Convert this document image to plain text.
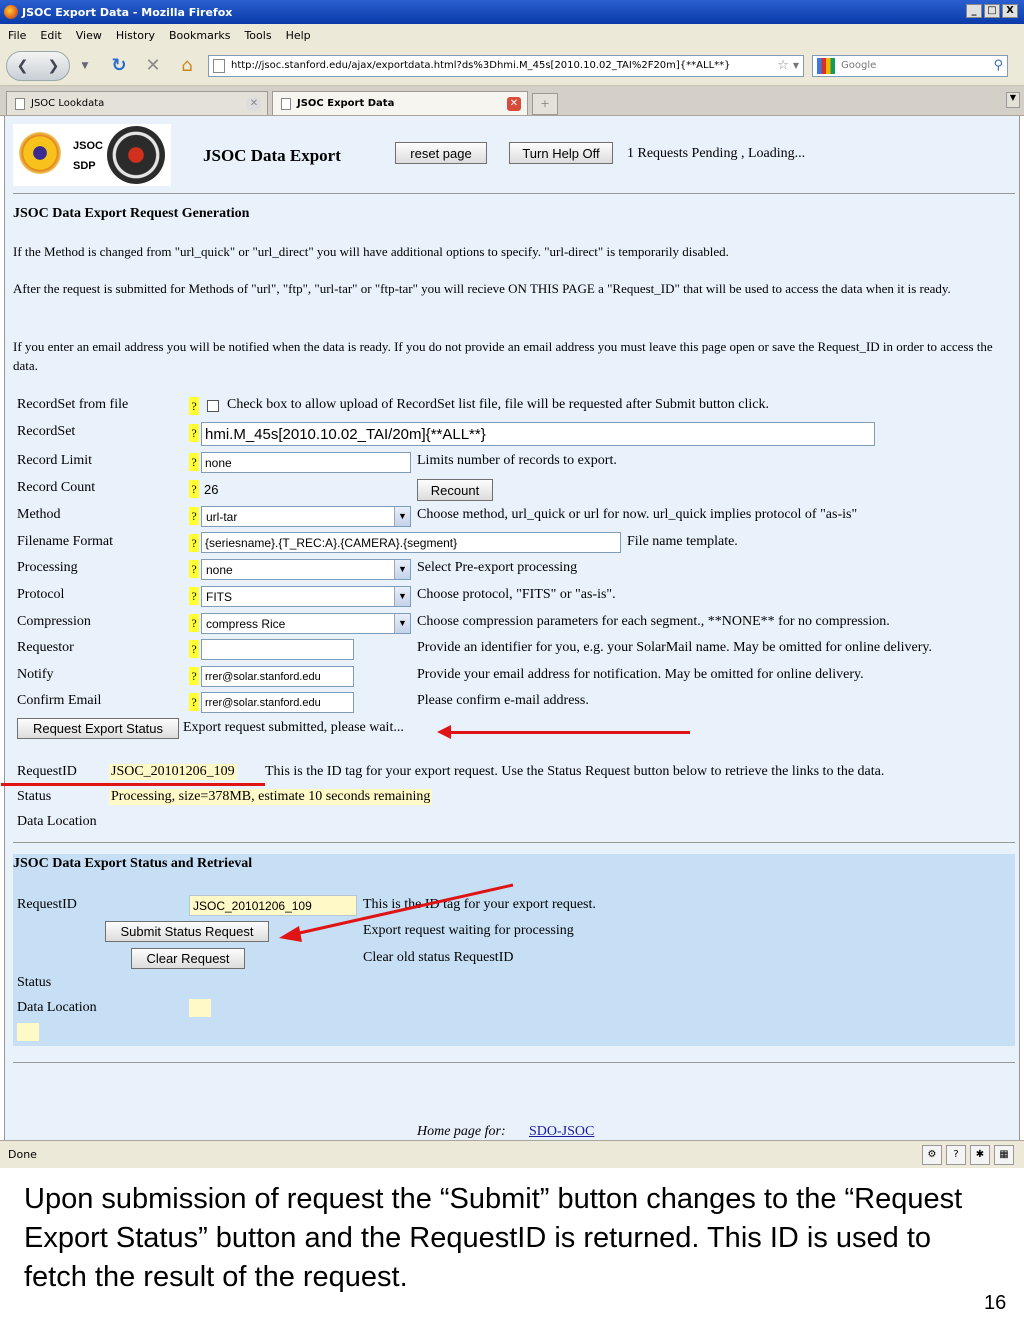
JSOC Export Data - Mozilla Firefox	_	□ X
File Edit View History Bookmarks Tools Help
❮ ❯	▼	↻	✕	⌂	http://jsoc.stanford.edu/ajax/exportdata.html?ds%3Dhmi.M_45s[2010.10.02_TAI%2F20m]{**ALL**}	☆ ▼	Google	⚲
JSOC Lookdata	✕	JSOC Export Data	✕	+	▼
JSOC
SDP
JSOC Data Export	reset page	Turn Help Off	1 Requests Pending , Loading...
JSOC Data Export Request Generation
If the Method is changed from "url_quick" or "url_direct" you will have additional options to specify. "url-direct" is temporarily disabled.
After the request is submitted for Methods of "url", "ftp", "url-tar" or "ftp-tar" you will recieve ON THIS PAGE a "Request_ID" that will be used to access the data when it is ready.
If you enter an email address you will be notified when the data is ready. If you do not provide an email address you must leave this page open or save the Request_ID in order to access the data.
RecordSet from file	? Check box to allow upload of RecordSet list file, file will be requested after Submit button click.
RecordSet	? hmi.M_45s[2010.10.02_TAI/20m]{**ALL**}
Record Limit	? none	Limits number of records to export.
Record Count	? 26	Recount
Method	? url-tar	▼ Choose method, url_quick or url for now. url_quick implies protocol of "as-is"
Filename Format	? {seriesname}.{T_REC:A}.{CAMERA}.{segment}	File name template.
Processing	? none	▼ Select Pre-export processing
Protocol	? FITS	▼ Choose protocol, "FITS" or "as-is".
Compression	? compress Rice	▼ Choose compression parameters for each segment., **NONE** for no compression.
Requestor	?	Provide an identifier for you, e.g. your SolarMail name. May be omitted for online delivery.
Notify	? rrer@solar.stanford.edu	Provide your email address for notification. May be omitted for online delivery.
Confirm Email	? rrer@solar.stanford.edu	Please confirm e-mail address.
Request Export Status	Export request submitted, please wait...
RequestID JSOC_20101206_109 This is the ID tag for your export request. Use the Status Request button below to retrieve the links to the data.
Status	Processing, size=378MB, estimate 10 seconds remaining
Data Location
JSOC Data Export Status and Retrieval
RequestID	JSOC_20101206_109	This is the ID tag for your export request.
Submit Status Request	Export request waiting for processing
Clear Request	Clear old status RequestID
Status
Data Location
Home page for: SDO-JSOC
Done	⚙	?	✱	▦
Upon submission of request the “Submit” button changes to the “Request Export Status” button and the RequestID is returned. This ID is used to fetch the result of the request.
16
